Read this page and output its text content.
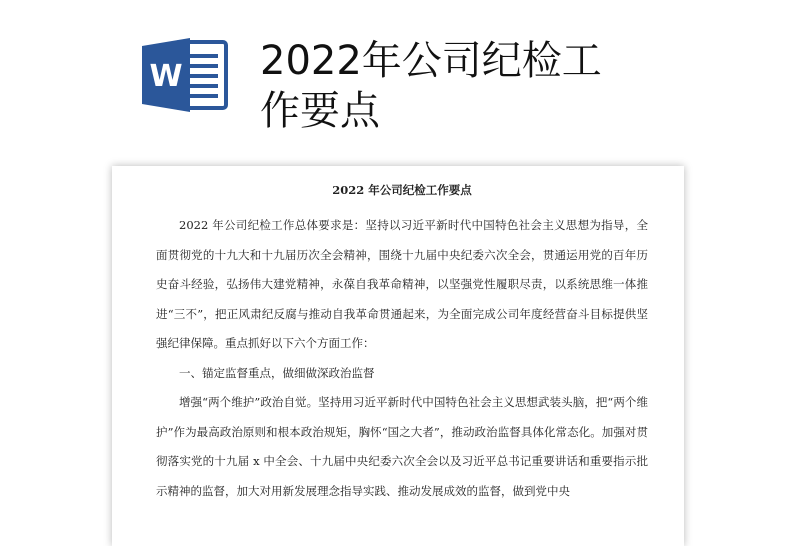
W 2022年公司纪检工作要点
2022 年公司纪检工作要点

2022 年公司纪检工作总体要求是：坚持以习近平新时代中国特色社会主义思想为指导，全面贯彻党的十九大和十九届历次全会精神，围绕十九届中央纪委六次全会，贯通运用党的百年历史奋斗经验，弘扬伟大建党精神，永葆自我革命精神，以坚强党性履职尽责，以系统思维一体推进“三不”，把正风肃纪反腐与推动自我革命贯通起来，为全面完成公司年度经营奋斗目标提供坚强纪律保障。重点抓好以下六个方面工作：

一、锚定监督重点，做细做深政治监督

增强“两个维护”政治自觉。坚持用习近平新时代中国特色社会主义思想武装头脑，把“两个维护”作为最高政治原则和根本政治规矩，胸怀“国之大者”，推动政治监督具体化常态化。加强对贯彻落实党的十九届 x 中全会、十九届中央纪委六次全会以及习近平总书记重要讲话和重要指示批示精神的监督，加大对用新发展理念指导实践、推动发展成效的监督，做到党中央
